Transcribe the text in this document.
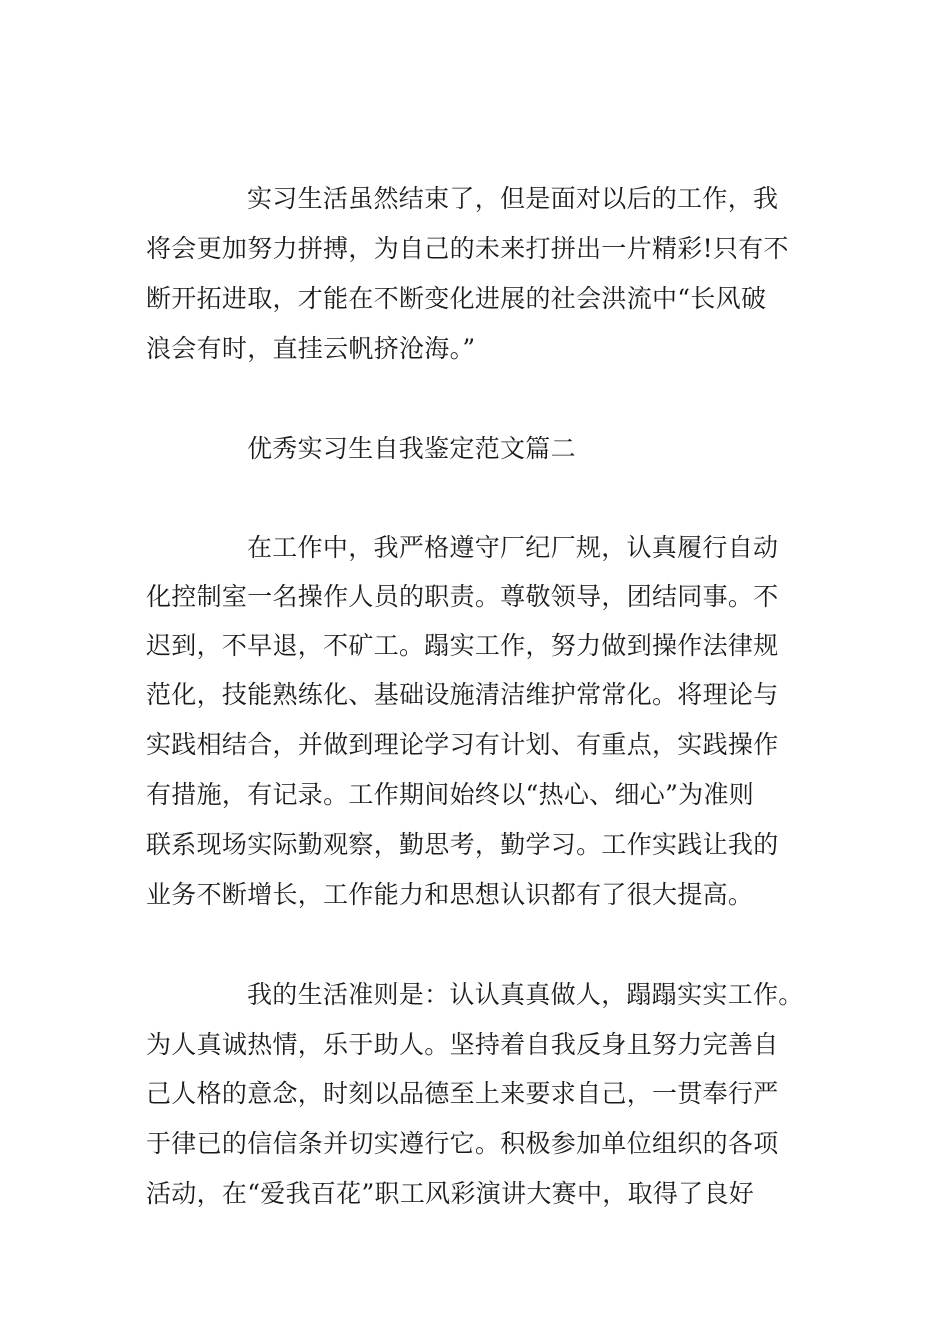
实习生活虽然结束了，但是面对以后的工作，我

将会更加努力拼搏，为自己的未来打拼出一片精彩!只有不

断开拓进取，才能在不断变化进展的社会洪流中“长风破

浪会有时，直挂云帆挤沧海。”

优秀实习生自我鉴定范文篇二

在工作中，我严格遵守厂纪厂规，认真履行自动

化控制室一名操作人员的职责。尊敬领导，团结同事。不

迟到，不早退，不矿工。蹋实工作，努力做到操作法律规

范化，技能熟练化、基础设施清洁维护常常化。将理论与

实践相结合，并做到理论学习有计划、有重点，实践操作

有措施，有记录。工作期间始终以“热心、细心”为准则

联系现场实际勤观察，勤思考，勤学习。工作实践让我的

业务不断增长，工作能力和思想认识都有了很大提高。

我的生活准则是：认认真真做人，蹋蹋实实工作。

为人真诚热情，乐于助人。坚持着自我反身且努力完善自

己人格的意念，时刻以品德至上来要求自己，一贯奉行严

于律已的信信条并切实遵行它。积极参加单位组织的各项

活动，在“爱我百花”职工风彩演讲大赛中，取得了良好
